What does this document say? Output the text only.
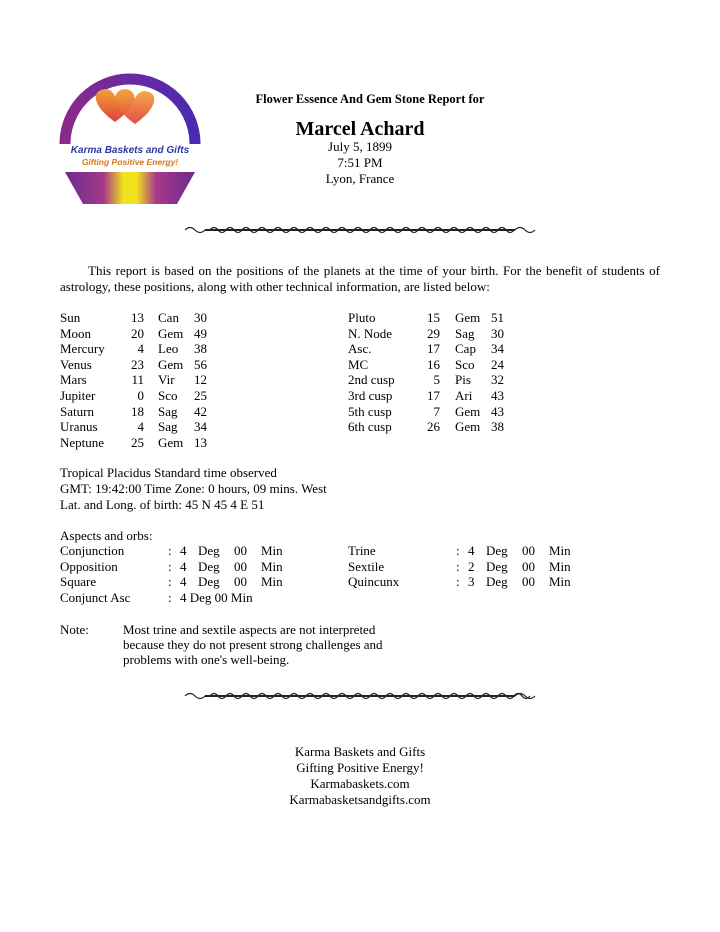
Karma Baskets and Gifts
Gifting Positive Energy!
Flower Essence And Gem Stone Report for
Marcel Achard
July 5, 1899
7:51 PM
Lyon, France

This report is based on the positions of the planets at the time of your birth. For the benefit of students of astrology, these positions, along with other technical information, are listed below:

Sun	13 Can 30
Moon	20 Gem 49
Mercury	4 Leo 38
Venus	23 Gem 56
Mars	11 Vir 12
Jupiter	0 Sco 25
Saturn	18 Sag 42
Uranus	4 Sag 34
Neptune	25 Gem 13
Pluto	15 Gem 51
N. Node	29 Sag 30
Asc.	17 Cap 34
MC	16 Sco 24
2nd cusp	5 Pis 32
3rd cusp	17 Ari 43
5th cusp	7 Gem 43
6th cusp	26 Gem 38
Tropical Placidus Standard time observed
GMT: 19:42:00 Time Zone: 0 hours, 09 mins. West
Lat. and Long. of birth: 45 N 45 4 E 51
Aspects and orbs:
Conjunction	: 4 Deg 00 Min
Opposition	: 4 Deg 00 Min
Square	: 4 Deg 00 Min
Trine	: 4 Deg 00 Min
Sextile	: 2 Deg 00 Min
Quincunx	: 3 Deg 00 Min
Conjunct Asc	: 4 Deg 00 Min
Note:	Most trine and sextile aspects are not interpreted
because they do not present strong challenges and
problems with one's well-being.
Karma Baskets and Gifts
Gifting Positive Energy!
Karmabaskets.com
Karmabasketsandgifts.com
